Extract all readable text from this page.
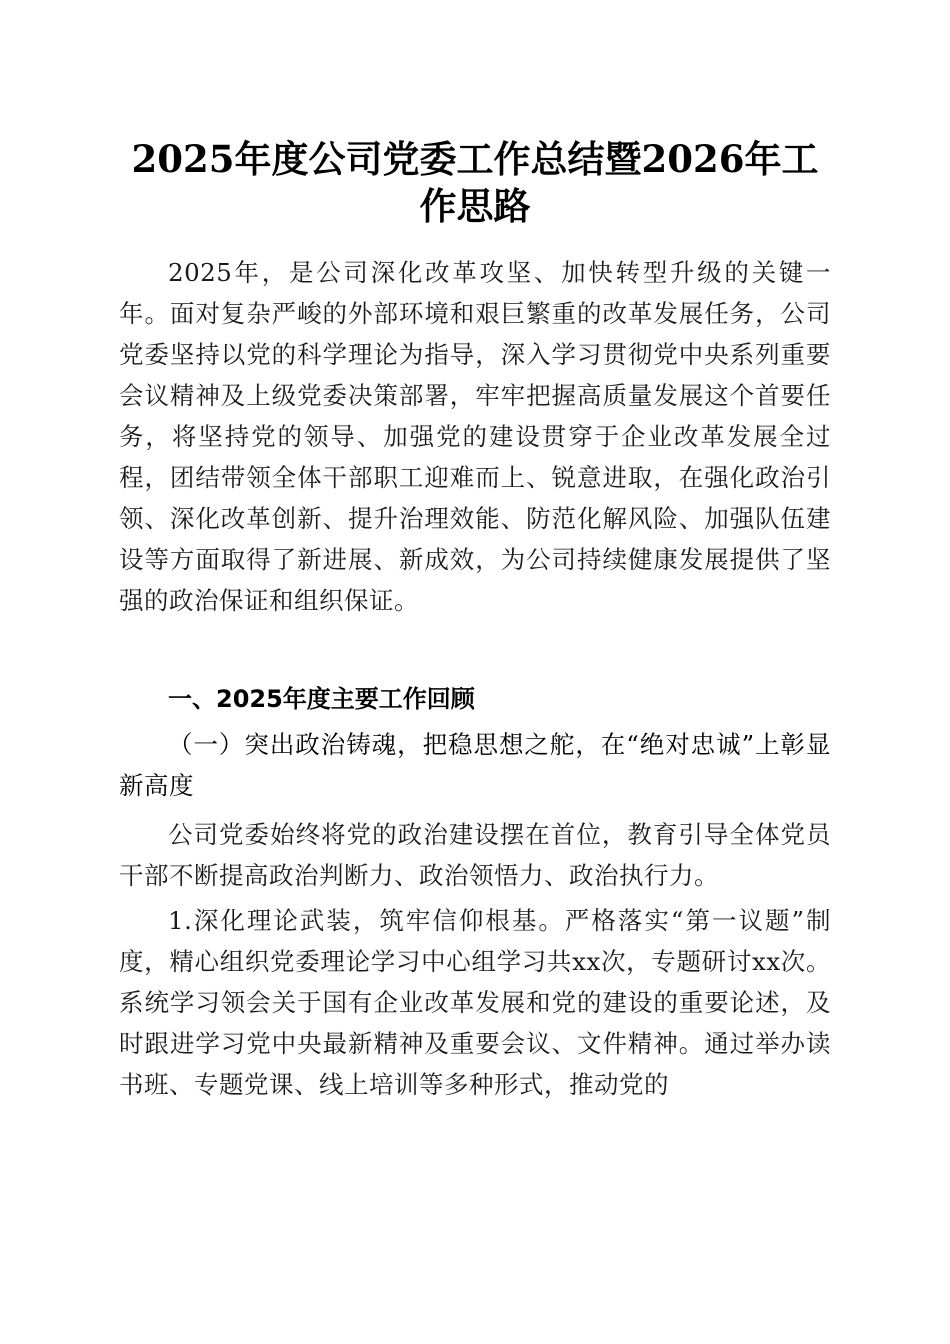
2025年度公司党委工作总结暨2026年工作思路

2025年，是公司深化改革攻坚、加快转型升级的关键一年。面对复杂严峻的外部环境和艰巨繁重的改革发展任务，公司党委坚持以党的科学理论为指导，深入学习贯彻党中央系列重要会议精神及上级党委决策部署，牢牢把握高质量发展这个首要任务，将坚持党的领导、加强党的建设贯穿于企业改革发展全过程，团结带领全体干部职工迎难而上、锐意进取，在强化政治引领、深化改革创新、提升治理效能、防范化解风险、加强队伍建设等方面取得了新进展、新成效，为公司持续健康发展提供了坚强的政治保证和组织保证。

一、2025年度主要工作回顾

（一）突出政治铸魂，把稳思想之舵，在“绝对忠诚”上彰显新高度

公司党委始终将党的政治建设摆在首位，教育引导全体党员干部不断提高政治判断力、政治领悟力、政治执行力。

1.深化理论武装，筑牢信仰根基。严格落实“第一议题”制度，精心组织党委理论学习中心组学习共xx次，专题研讨xx次。系统学习领会关于国有企业改革发展和党的建设的重要论述，及时跟进学习党中央最新精神及重要会议、文件精神。通过举办读书班、专题党课、线上培训等多种形式，推动党的
